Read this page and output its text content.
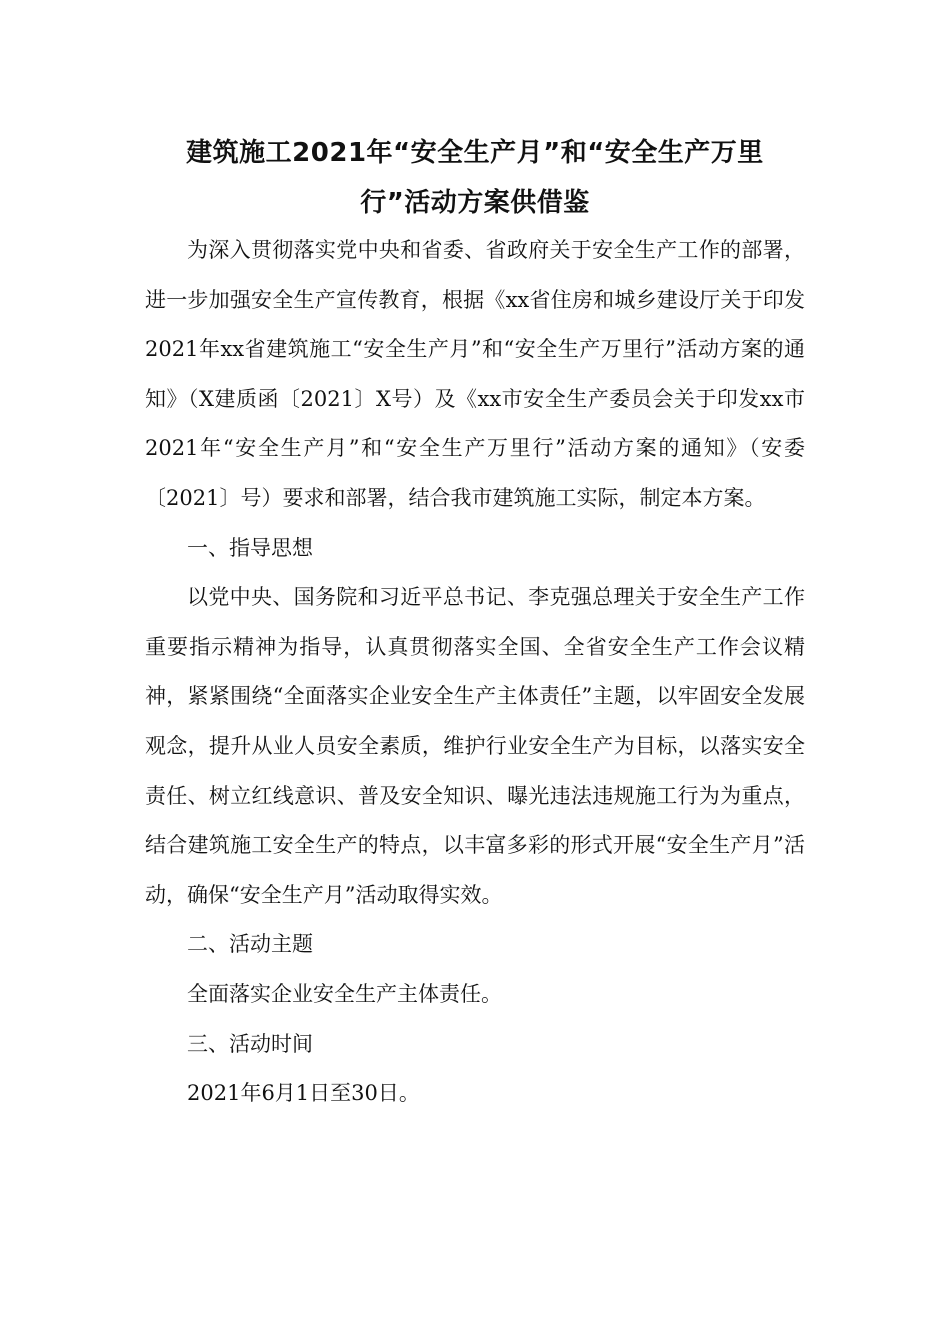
建筑施工2021年“安全生产月”和“安全生产万里
行”活动方案供借鉴

为深入贯彻落实党中央和省委、省政府关于安全生产工作的部署，进一步加强安全生产宣传教育，根据《xx省住房和城乡建设厅关于印发2021年xx省建筑施工“安全生产月”和“安全生产万里行”活动方案的通知》（X建质函〔2021〕X号）及《xx市安全生产委员会关于印发xx市2021年“安全生产月”和“安全生产万里行”活动方案的通知》（安委〔2021〕号）要求和部署，结合我市建筑施工实际，制定本方案。

一、指导思想

以党中央、国务院和习近平总书记、李克强总理关于安全生产工作重要指示精神为指导，认真贯彻落实全国、全省安全生产工作会议精神，紧紧围绕“全面落实企业安全生产主体责任”主题，以牢固安全发展观念，提升从业人员安全素质，维护行业安全生产为目标，以落实安全责任、树立红线意识、普及安全知识、曝光违法违规施工行为为重点，结合建筑施工安全生产的特点，以丰富多彩的形式开展“安全生产月”活动，确保“安全生产月”活动取得实效。

二、活动主题

全面落实企业安全生产主体责任。

三、活动时间

2021年6月1日至30日。
